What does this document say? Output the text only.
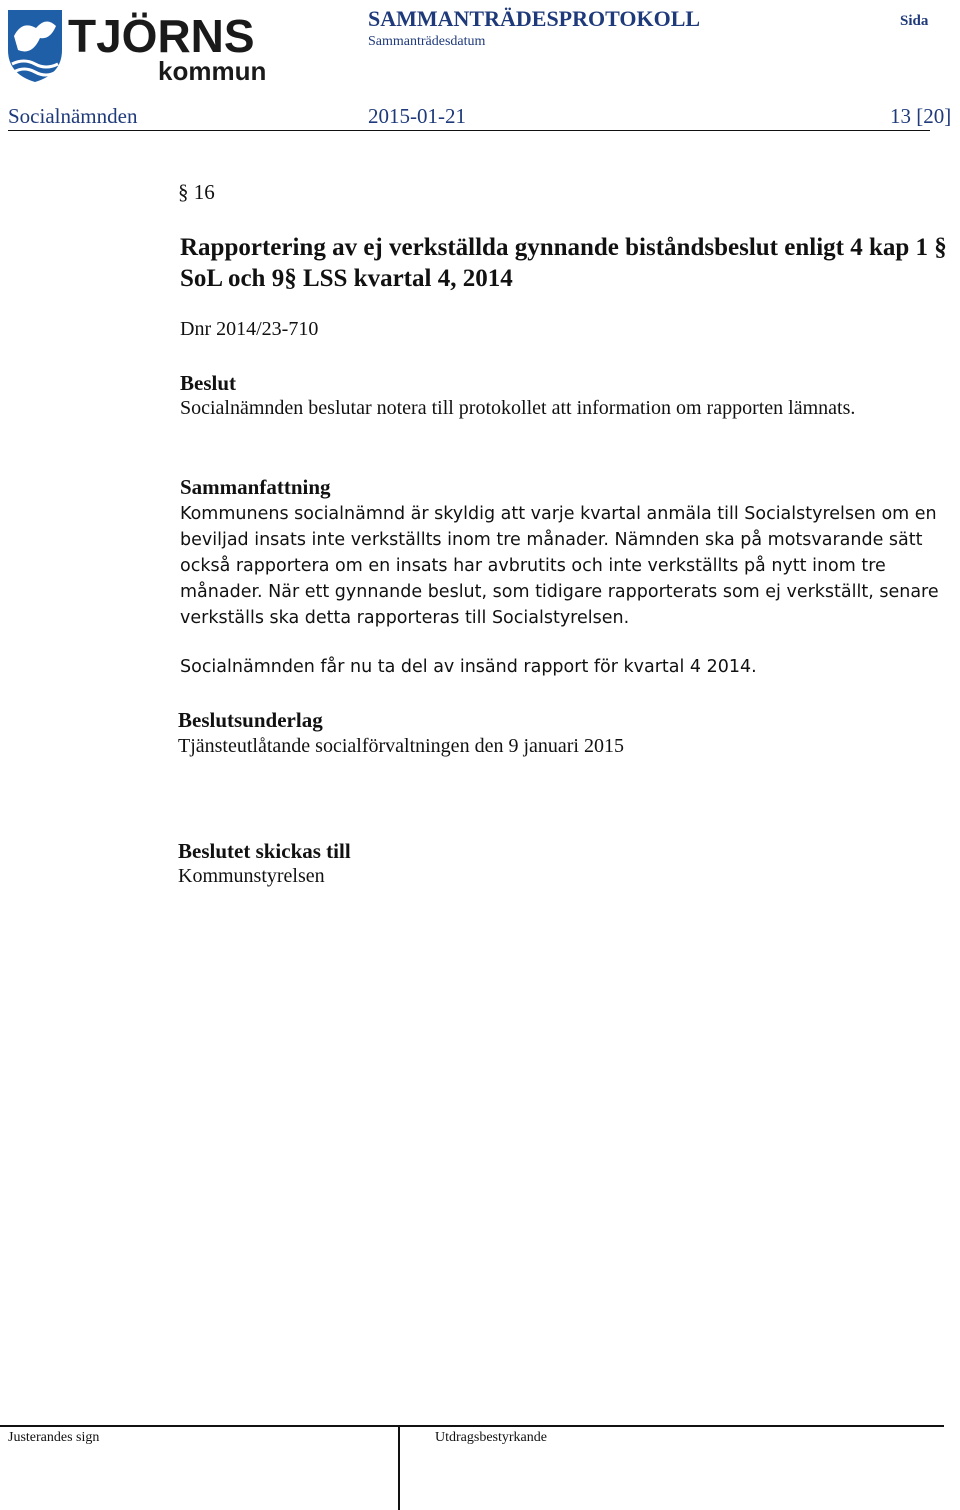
TJÖRNS
kommun
SAMMANTRÄDESPROTOKOLL
Sammanträdesdatum
Sida
Socialnämnden	2015-01-21	13 [20]
§ 16
Rapportering av ej verkställda gynnande biståndsbeslut enligt 4 kap 1 § SoL och 9§ LSS kvartal 4, 2014
Dnr 2014/23-710
Beslut
Socialnämnden beslutar notera till protokollet att information om rapporten lämnats.
Sammanfattning
Kommunens socialnämnd är skyldig att varje kvartal anmäla till Socialstyrelsen om en beviljad insats inte verkställts inom tre månader. Nämnden ska på motsvarande sätt också rapportera om en insats har avbrutits och inte verkställts på nytt inom tre månader. När ett gynnande beslut, som tidigare rapporterats som ej verkställt, senare verkställs ska detta rapporteras till Socialstyrelsen.
Socialnämnden får nu ta del av insänd rapport för kvartal 4 2014.
Beslutsunderlag
Tjänsteutlåtande socialförvaltningen den 9 januari 2015
Beslutet skickas till
Kommunstyrelsen
Justerandes sign	Utdragsbestyrkande
